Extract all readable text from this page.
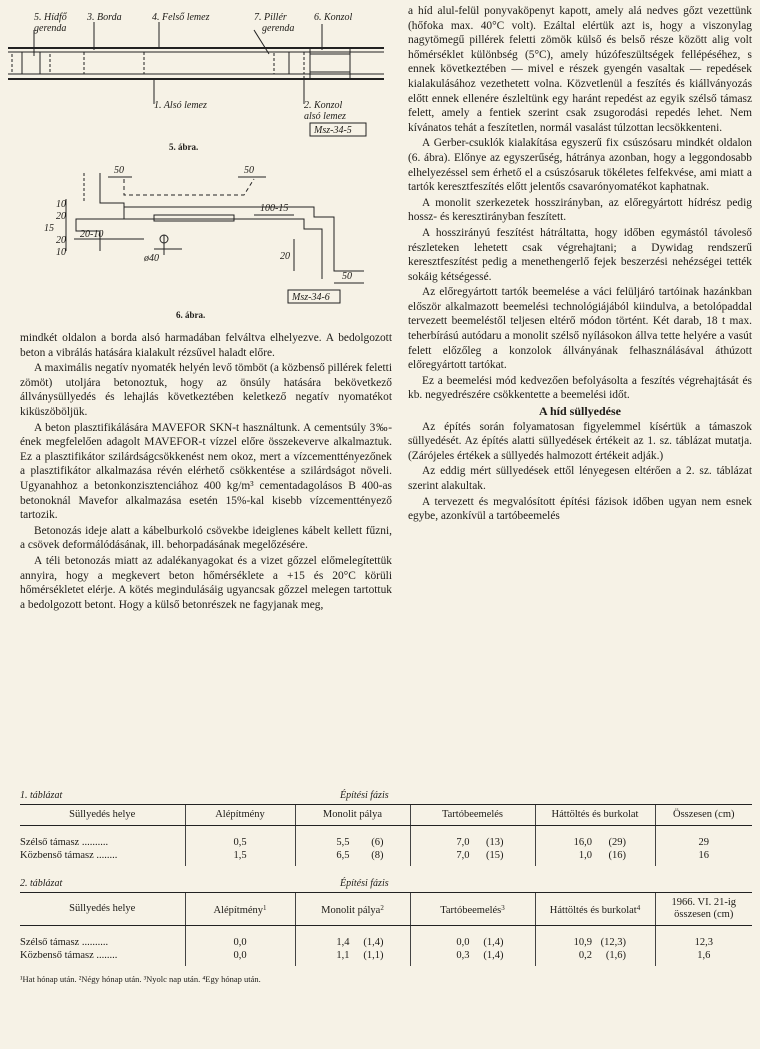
5. Hídfő
gerenda
3. Borda	4. Felső lemez	7. Pillér
gerenda
6. Konzol
1. Alsó lemez	2. Konzol
alsó lemez
Msz-34-5
5. ábra.
50	50
100-15
10
20
15
20
10
20-10
ø40	20
50
Msz-34-6
6. ábra.

mindkét oldalon a borda alsó harmadában felváltva elhelyezve. A bedolgozott beton a vibrálás hatására kialakult rézsűvel haladt előre.

A maximális negatív nyomaték helyén levő tömböt (a közbenső pillérek feletti zömöt) utoljára betonoztuk, hogy az önsúly hatására bekövetkező állványsüllyedés és lehajlás következtében keletkező negatív nyomatékot kiküszöböljük.

A beton plasztifikálására MAVEFOR SKN-t használtunk. A cementsúly 3‰-ének megfelelően adagolt MAVEFOR-t vízzel előre összekeverve alkalmaztuk. Ez a plasztifikátor szilárdságcsökkenést nem okoz, mert a vízcementtényezőnek a plasztifikátor alkalmazása révén elérhető csökkentése a szilárdságot növeli. Ugyanahhoz a betonkonzisztenciához 400 kg/m³ cementadagolásos B 400-as betonoknál Mavefor alkalmazása esetén 15%-kal kisebb vízcementtényező tartozik.

Betonozás ideje alatt a kábelburkoló csövekbe ideiglenes kábelt kellett fűzni, a csövek deformálódásának, ill. behorpadásának megelőzésére.

A téli betonozás miatt az adalékanyagokat és a vizet gőzzel előmelegítettük annyira, hogy a megkevert beton hőmérséklete a +15 és 20°C körüli hőmérsékletet elérje. A kötés megindulásáig ugyancsak gőzzel melegen tartottuk a bedolgozott betont. Hogy a külső betonrészek ne fagyjanak meg,

a híd alul-felül ponyvaköpenyt kapott, amely alá nedves gőzt vezettünk (hőfoka max. 40°C volt). Ezáltal elértük azt is, hogy a viszonylag nagytömegű pillérek feletti zömök külső és belső része között alig volt hőmérséklet különbség (5°C), amely húzófeszültségek fellépéséhez, s ennek következtében — mivel e részek gyengén vasaltak — repedések kialakulásához vezethetett volna. Közvetlenül a feszítés és kiállványozás előtt ennek ellenére észleltünk egy haránt repedést az egyik szélső támasz felett, amely a fentiek szerint csak zsugorodási repedés lehet. Nem kívánatos tehát a feszítetlen, normál vasalást túlzottan lecsökkenteni.

A Gerber-csuklók kialakítása egyszerű fix csúszósaru mindkét oldalon (6. ábra). Előnye az egyszerűség, hátránya azonban, hogy a leggondosabb elhelyezéssel sem érhető el a csúszósaruk tökéletes felfekvése, ami miatt a tartók keresztfeszítés előtt jelentős csavarónyomatékot kaphatnak.

A monolit szerkezetek hosszirányban, az előregyártott hídrész pedig hossz- és keresztirányban feszített.

A hosszirányú feszítést hátráltatta, hogy időben egymástól távoleső részleteken lehetett csak végrehajtani; a Dywidag rendszerű keresztfeszítést pedig a menethengerlő fejek beszerzési nehézségei tették sokáig kétségessé.

Az előregyártott tartók beemelése a váci felüljáró tartóinak hazánkban először alkalmazott beemelési technológiájából kiindulva, a betolópaddal tervezett beemeléstől teljesen eltérő módon történt. Két darab, 18 t max. teherbírású autódaru a monolit szélső nyílásokon állva tette helyére a vasút felett előzőleg a konzolok állványának felhasználásával áthúzott előregyártott tartókat.

Ez a beemelési mód kedvezően befolyásolta a feszítés végrehajtását és kb. negyedrészére csökkentette a beemelési időt.

A híd süllyedése

Az építés során folyamatosan figyelemmel kísértük a támaszok süllyedését. Az építés alatti süllyedések értékeit az 1. sz. táblázat mutatja. (Zárójeles értékek a süllyedés halmozott értékeit adják.)

Az eddig mért süllyedések ettől lényegesen eltérően a 2. sz. táblázat szerint alakultak.

A tervezett és megvalósított építési fázisok időben ugyan nem esnek egybe, azonkívül a tartóbeemelés

1. táblázat	Építési fázis
Süllyedés helye	Alépítmény	Monolit pálya	Tartóbeemelés	Háttöltés és burkolat	Összesen (cm)

Szélső támasz ..........	0,5	5,5 (6)	7,0 (13)	16,0 (29)	29
Közbenső támasz ........	1,5	6,5 (8)	7,0 (15)	1,0 (16)	16
2. táblázat	Építési fázis
Süllyedés helye	Alépítmény$^1$	Monolit pálya$^2$	Tartóbeemelés$^3$	Háttöltés és burkolat$^4$	1966. VI. 21-ig összesen (cm)

Szélső támasz ..........	0,0	1,4 (1,4)	0,0 (1,4)	10,9 (12,3)	12,3
Közbenső támasz ........	0,0	1,1 (1,1)	0,3 (1,4)	0,2 (1,6)	1,6
¹Hat hónap után. ²Négy hónap után. ³Nyolc nap után. ⁴Egy hónap után.
